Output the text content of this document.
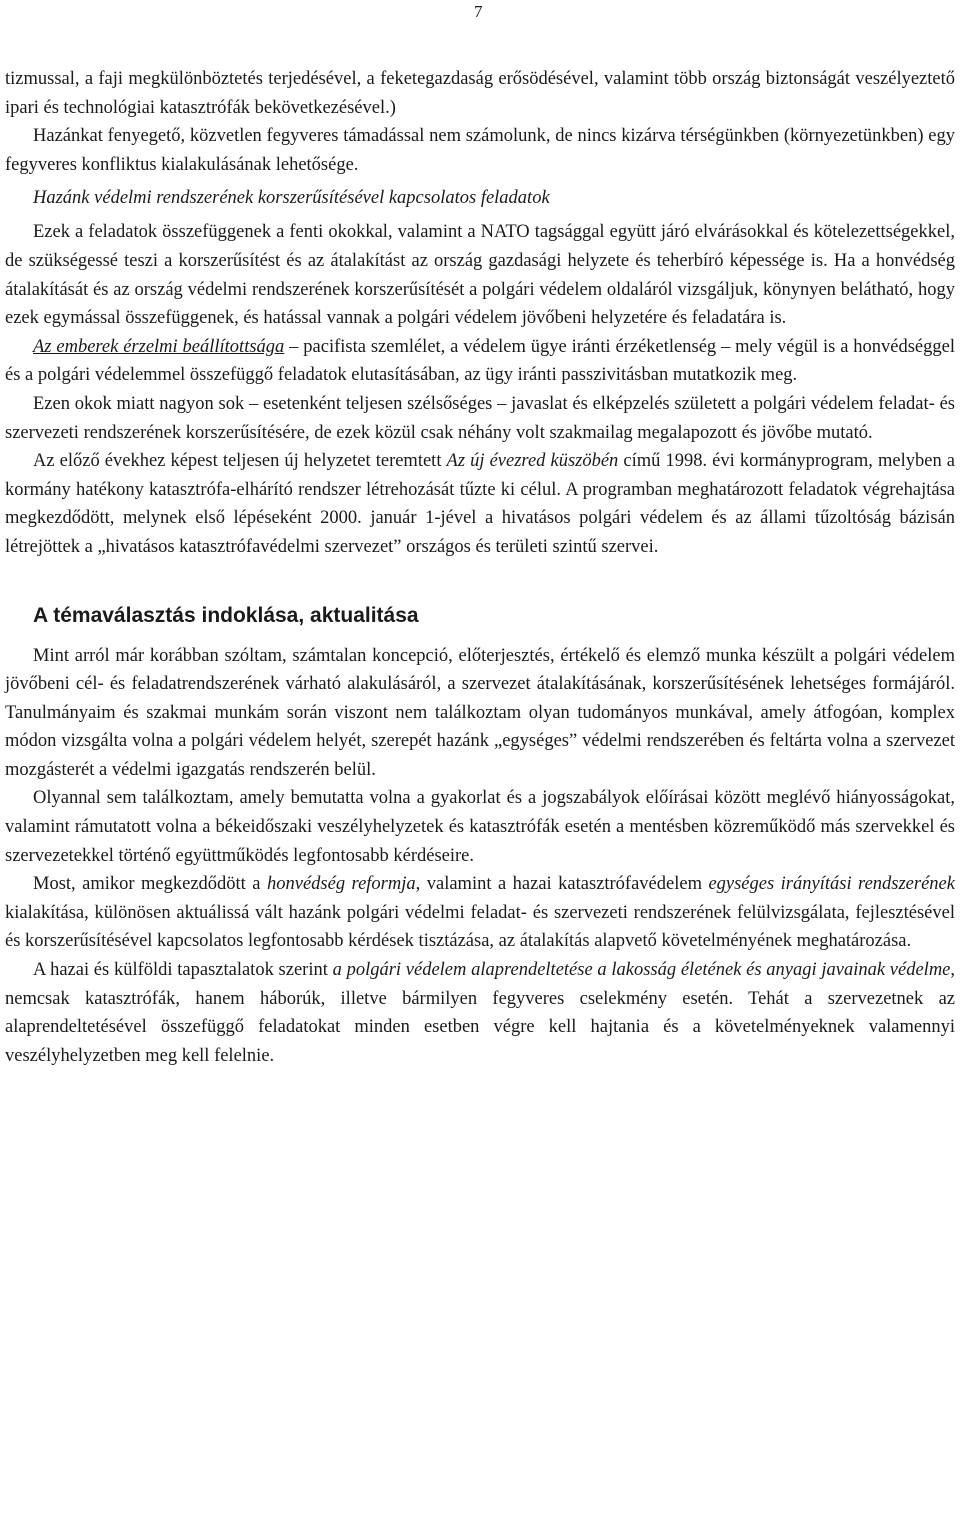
7

tizmussal, a faji megkülönböztetés terjedésével, a feketegazdaság erősödésével, valamint több ország biztonságát veszélyeztető ipari és technológiai katasztrófák bekövetkezésével.)

Hazánkat fenyegető, közvetlen fegyveres támadással nem számolunk, de nincs kizárva térségünkben (környezetünkben) egy fegyveres konfliktus kialakulásának lehetősége.

Hazánk védelmi rendszerének korszerűsítésével kapcsolatos feladatok

Ezek a feladatok összefüggenek a fenti okokkal, valamint a NATO tagsággal együtt járó elvárásokkal és kötelezettségekkel, de szükségessé teszi a korszerűsítést és az átalakítást az ország gazdasági helyzete és teherbíró képessége is. Ha a honvédség átalakítását és az ország védelmi rendszerének korszerűsítését a polgári védelem oldaláról vizsgáljuk, könynyen belátható, hogy ezek egymással összefüggenek, és hatással vannak a polgári védelem jövőbeni helyzetére és feladatára is.

Az emberek érzelmi beállítottsága – pacifista szemlélet, a védelem ügye iránti érzéketlenség – mely végül is a honvédséggel és a polgári védelemmel összefüggő feladatok elutasításában, az ügy iránti passzivitásban mutatkozik meg.

Ezen okok miatt nagyon sok – esetenként teljesen szélsőséges – javaslat és elképzelés született a polgári védelem feladat- és szervezeti rendszerének korszerűsítésére, de ezek közül csak néhány volt szakmailag megalapozott és jövőbe mutató.

Az előző évekhez képest teljesen új helyzetet teremtett Az új évezred küszöbén című 1998. évi kormányprogram, melyben a kormány hatékony katasztrófa-elhárító rendszer létrehozását tűzte ki célul. A programban meghatározott feladatok végrehajtása megkezdődött, melynek első lépéseként 2000. január 1-jével a hivatásos polgári védelem és az állami tűzoltóság bázisán létrejöttek a „hivatásos katasztrófavédelmi szervezet” országos és területi szintű szervei.

A témaválasztás indoklása, aktualitása

Mint arról már korábban szóltam, számtalan koncepció, előterjesztés, értékelő és elemző munka készült a polgári védelem jövőbeni cél- és feladatrendszerének várható alakulásáról, a szervezet átalakításának, korszerűsítésének lehetséges formájáról. Tanulmányaim és szakmai munkám során viszont nem találkoztam olyan tudományos munkával, amely átfogóan, komplex módon vizsgálta volna a polgári védelem helyét, szerepét hazánk „egységes” védelmi rendszerében és feltárta volna a szervezet mozgásterét a védelmi igazgatás rendszerén belül.

Olyannal sem találkoztam, amely bemutatta volna a gyakorlat és a jogszabályok előírásai között meglévő hiányosságokat, valamint rámutatott volna a békeidőszaki veszélyhelyzetek és katasztrófák esetén a mentésben közreműködő más szervekkel és szervezetekkel történő együttműködés legfontosabb kérdéseire.

Most, amikor megkezdődött a honvédség reformja, valamint a hazai katasztrófavédelem egységes irányítási rendszerének kialakítása, különösen aktuálissá vált hazánk polgári védelmi feladat- és szervezeti rendszerének felülvizsgálata, fejlesztésével és korszerűsítésével kapcsolatos legfontosabb kérdések tisztázása, az átalakítás alapvető követelményének meghatározása.

A hazai és külföldi tapasztalatok szerint a polgári védelem alaprendeltetése a lakosság életének és anyagi javainak védelme, nemcsak katasztrófák, hanem háborúk, illetve bármilyen fegyveres cselekmény esetén. Tehát a szervezetnek az alaprendeltetésével összefüggő feladatokat minden esetben végre kell hajtania és a követelményeknek valamennyi veszélyhelyzetben meg kell felelnie.
